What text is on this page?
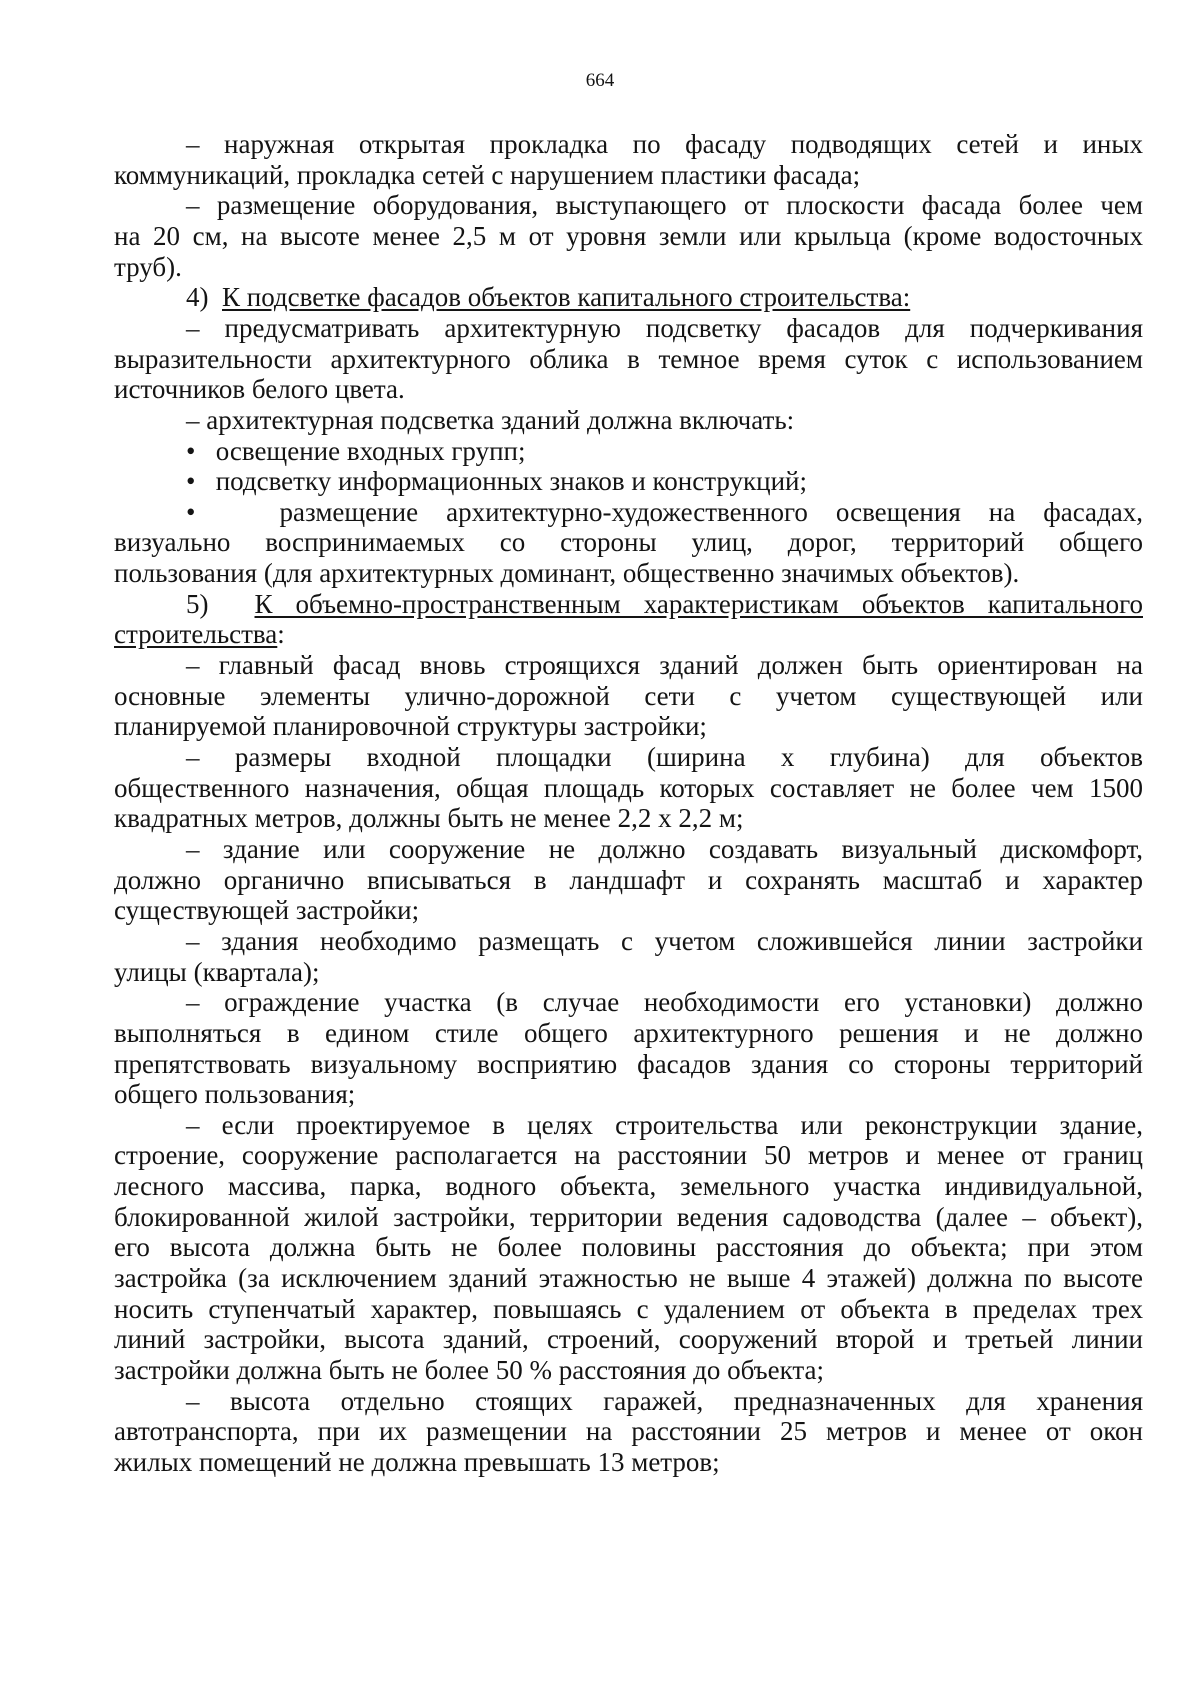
664
– наружная открытая прокладка по фасаду подводящих сетей и иных
коммуникаций, прокладка сетей с нарушением пластики фасада;
– размещение оборудования, выступающего от плоскости фасада более чем
на 20 см, на высоте менее 2,5 м от уровня земли или крыльца (кроме водосточных
труб).
4)  К подсветке фасадов объектов капитального строительства:
– предусматривать архитектурную подсветку фасадов для подчеркивания
выразительности архитектурного облика в темное время суток с использованием
источников белого цвета.
– архитектурная подсветка зданий должна включать:
•   освещение входных групп;
•   подсветку информационных знаков и конструкций;
•   размещение архитектурно-художественного освещения на фасадах,
визуально воспринимаемых со стороны улиц, дорог, территорий общего
пользования (для архитектурных доминант, общественно значимых объектов).
5)  К объемно-пространственным характеристикам объектов капитального
строительства:
– главный фасад вновь строящихся зданий должен быть ориентирован на
основные элементы улично-дорожной сети с учетом существующей или
планируемой планировочной структуры застройки;
– размеры входной площадки (ширина х глубина) для объектов
общественного назначения, общая площадь которых составляет не более чем 1500
квадратных метров, должны быть не менее 2,2 х 2,2 м;
– здание или сооружение не должно создавать визуальный дискомфорт,
должно органично вписываться в ландшафт и сохранять масштаб и характер
существующей застройки;
– здания необходимо размещать с учетом сложившейся линии застройки
улицы (квартала);
– ограждение участка (в случае необходимости его установки) должно
выполняться в едином стиле общего архитектурного решения и не должно
препятствовать визуальному восприятию фасадов здания со стороны территорий
общего пользования;
– если проектируемое в целях строительства или реконструкции здание,
строение, сооружение располагается на расстоянии 50 метров и менее от границ
лесного массива, парка, водного объекта, земельного участка индивидуальной,
блокированной жилой застройки, территории ведения садоводства (далее – объект),
его высота должна быть не более половины расстояния до объекта; при этом
застройка (за исключением зданий этажностью не выше 4 этажей) должна по высоте
носить ступенчатый характер, повышаясь с удалением от объекта в пределах трех
линий застройки, высота зданий, строений, сооружений второй и третьей линии
застройки должна быть не более 50 % расстояния до объекта;
– высота отдельно стоящих гаражей, предназначенных для хранения
автотранспорта, при их размещении на расстоянии 25 метров и менее от окон
жилых помещений не должна превышать 13 метров;
